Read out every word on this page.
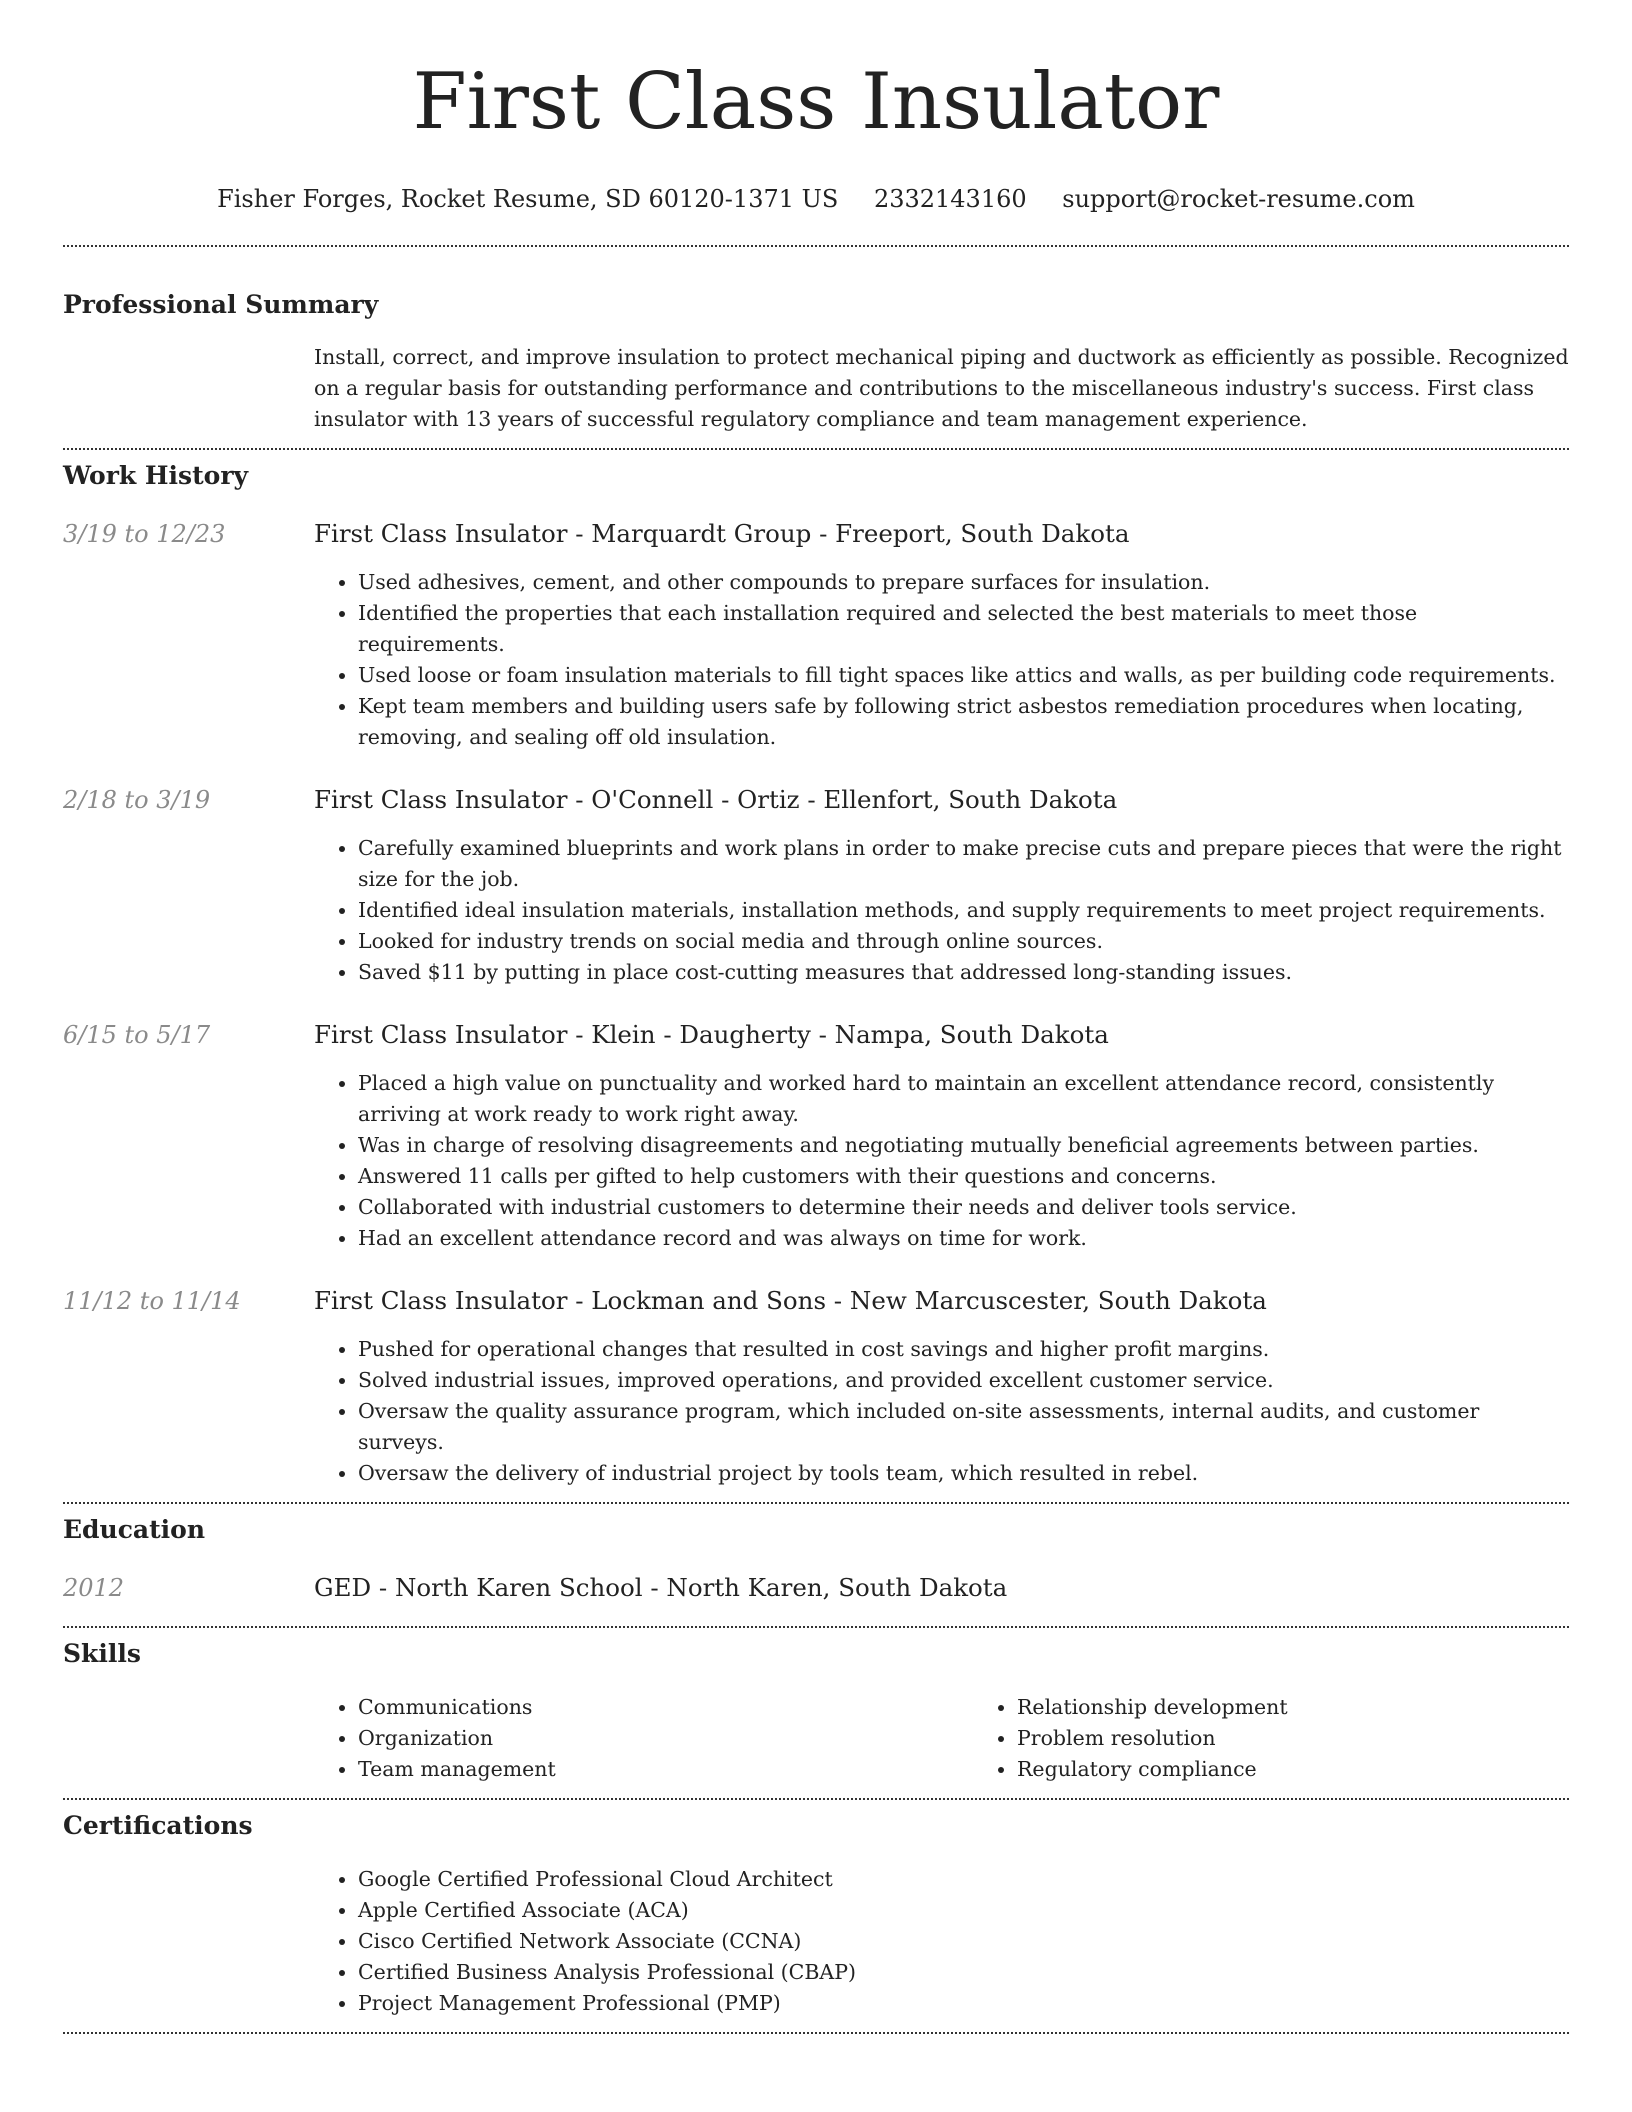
First Class Insulator
Fisher Forges, Rocket Resume, SD 60120-1371 US 2332143160 support@rocket-resume.com
Professional Summary

Install, correct, and improve insulation to protect mechanical piping and ductwork as efficiently as possible. Recognized on a regular basis for outstanding performance and contributions to the miscellaneous industry's success. First class insulator with 13 years of successful regulatory compliance and team management experience.

Work History
3/19 to 12/23	First Class Insulator - Marquardt Group - Freeport, South Dakota
• Used adhesives, cement, and other compounds to prepare surfaces for insulation.
• Identified the properties that each installation required and selected the best materials to meet those requirements.
• Used loose or foam insulation materials to fill tight spaces like attics and walls, as per building code requirements.
• Kept team members and building users safe by following strict asbestos remediation procedures when locating, removing, and sealing off old insulation.
2/18 to 3/19	First Class Insulator - O'Connell - Ortiz - Ellenfort, South Dakota
• Carefully examined blueprints and work plans in order to make precise cuts and prepare pieces that were the right size for the job.
• Identified ideal insulation materials, installation methods, and supply requirements to meet project requirements.
• Looked for industry trends on social media and through online sources.
• Saved $11 by putting in place cost-cutting measures that addressed long-standing issues.
6/15 to 5/17	First Class Insulator - Klein - Daugherty - Nampa, South Dakota
• Placed a high value on punctuality and worked hard to maintain an excellent attendance record, consistently arriving at work ready to work right away.
• Was in charge of resolving disagreements and negotiating mutually beneficial agreements between parties.
• Answered 11 calls per gifted to help customers with their questions and concerns.
• Collaborated with industrial customers to determine their needs and deliver tools service.
• Had an excellent attendance record and was always on time for work.
11/12 to 11/14	First Class Insulator - Lockman and Sons - New Marcuscester, South Dakota
• Pushed for operational changes that resulted in cost savings and higher profit margins.
• Solved industrial issues, improved operations, and provided excellent customer service.
• Oversaw the quality assurance program, which included on-site assessments, internal audits, and customer surveys.
• Oversaw the delivery of industrial project by tools team, which resulted in rebel.
Education
2012	GED - North Karen School - North Karen, South Dakota
Skills
• Communications
• Organization
• Team management
• Relationship development
• Problem resolution
• Regulatory compliance
Certifications
• Google Certified Professional Cloud Architect
• Apple Certified Associate (ACA)
• Cisco Certified Network Associate (CCNA)
• Certified Business Analysis Professional (CBAP)
• Project Management Professional (PMP)
